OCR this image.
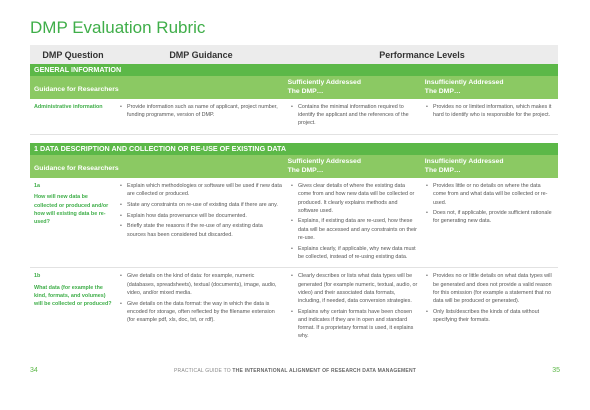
DMP Evaluation Rubric
DMP Question	DMP Guidance	Performance Levels
GENERAL INFORMATION
Guidance for Researchers
Sufficiently Addressed
The DMP…
Insufficiently Addressed
The DMP…
Administrative information
•	Provide information such as name of applicant, project number, funding programme, version of DMP.
• Contains the minimal information required to identify the applicant and the references of the project.
• Provides no or limited information, which makes it hard to identify who is responsible for the project.
1 DATA DESCRIPTION AND COLLECTION OR RE-USE OF EXISTING DATA
Guidance for Researchers
Sufficiently Addressed
The DMP…
Insufficiently Addressed
The DMP…
1a
How will new data be collected or produced and/or how will existing data be re-used?
• Explain which methodologies or software will be used if new data are collected or produced.
• State any constraints on re-use of existing data if there are any.
• Explain how data provenance will be documented.
• Briefly state the reasons if the re-use of any existing data sources has been considered but discarded.
• Gives clear details of where the existing data come from and how new data will be collected or produced. It clearly explains methods and software used.
• Explains, if existing data are re-used, how these data will be accessed and any constraints on their re-use.
• Explains clearly, if applicable, why new data must be collected, instead of re-using existing data.
• Provides little or no details on where the data come from and what data will be collected or re-used.
• Does not, if applicable, provide sufficient rationale for generating new data.
1b
What data (for example the kind, formats, and volumes) will be collected or produced?
• Give details on the kind of data: for example, numeric (databases, spreadsheets), textual (documents), image, audio, video, and/or mixed media.
• Give details on the data format: the way in which the data is encoded for storage, often reflected by the filename extension (for example pdf, xls, doc, txt, or rdf).
• Clearly describes or lists what data types will be generated (for example numeric, textual, audio, or video) and their associated data formats, including, if needed, data conversion strategies.
• Explains why certain formats have been chosen and indicates if they are in open and standard format. If a proprietary format is used, it explains why.
• Provides no or little details on what data types will be generated and does not provide a valid reason for this omission (for example a statement that no data will be produced or generated).
• Only lists/describes the kinds of data without specifying their formats.
34	PRACTICAL GUIDE TO THE INTERNATIONAL ALIGNMENT OF RESEARCH DATA MANAGEMENT	35
